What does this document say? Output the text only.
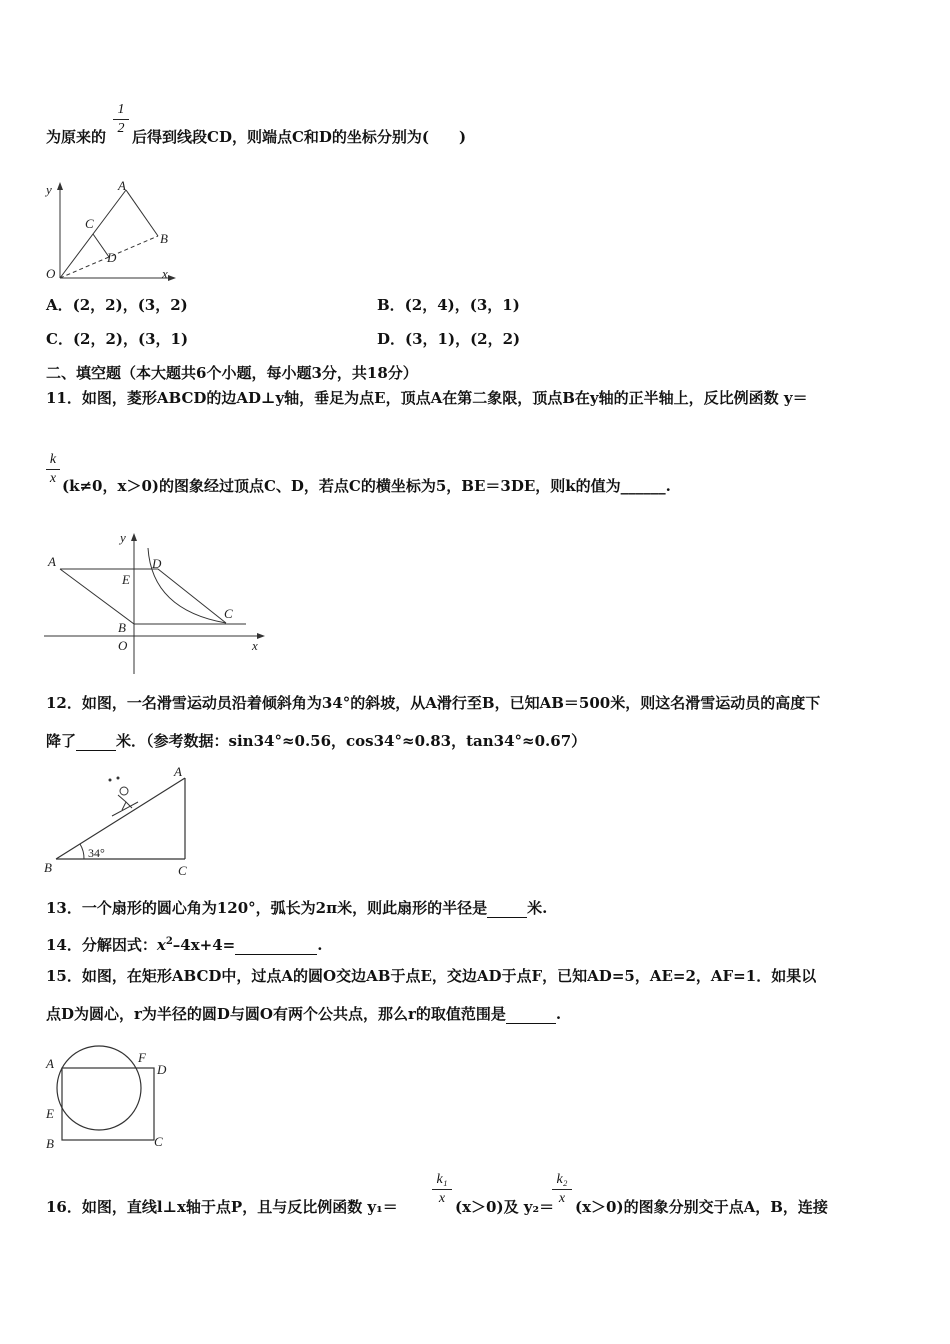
1
2
为原来的 后得到线段CD，则端点C和D的坐标分别为(　　)
y
x
O
A
B
C
D
A．(2，2)，(3，2)	B．(2，4)，(3，1)
C．(2，2)，(3，1)	D．(3，1)，(2，2)
二、填空题（本大题共6个小题，每小题3分，共18分）
11．如图，菱形ABCD的边AD⊥y轴，垂足为点E，顶点A在第二象限，顶点B在y轴的正半轴上，反比例函数 y＝
k
x (k≠0，x＞0)的图象经过顶点C、D，若点C的横坐标为5，BE＝3DE，则k的值为______.
y
x
A
E
D
C
B
O
12．如图，一名滑雪运动员沿着倾斜角为34°的斜坡，从A滑行至B，已知AB＝500米，则这名滑雪运动员的高度下
降了	米．（参考数据：sin34°≈0.56，cos34°≈0.83，tan34°≈0.67）
A
B	C
34°
13．一个扇形的圆心角为120°，弧长为2π米，则此扇形的半径是	米.
14．分解因式：$x^2-4x+4=$	.
15．如图，在矩形ABCD中，过点A的圆O交边AB于点E，交边AD于点F，已知AD=5，AE=2，AF=1．如果以
点D为圆心，r为半径的圆D与圆O有两个公共点，那么r的取值范围是	.
A	F
D
E
B	C
16．如图，直线l⊥x轴于点P，且与反比例函数 y₁＝
k₁
x (x＞0)及 y₂＝
k₂
x (x＞0)的图象分别交于点A，B，连接
